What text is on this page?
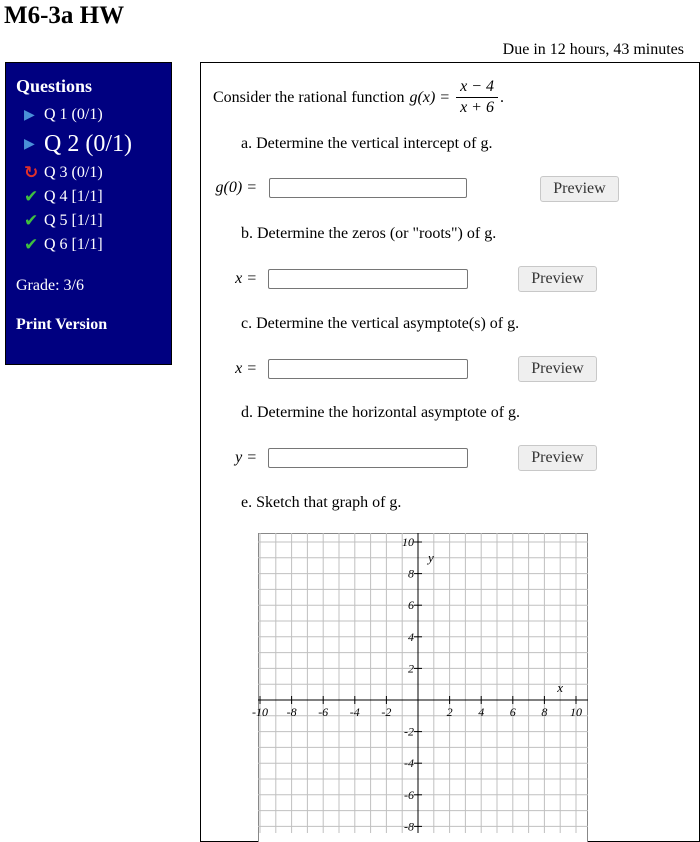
M6-3a HW
Due in 12 hours, 43 minutes
Questions
▶ Q 1 (0/1)
▶ Q 2 (0/1)
↻ Q 3 (0/1)
✔ Q 4 [1/1]
✔ Q 5 [1/1]
✔ Q 6 [1/1]
Grade: 3/6
Print Version
Consider the rational function $g(x) = \frac{x - 4}{x + 6}$ .
a. Determine the vertical intercept of g.
g(0) =	Preview
b. Determine the zeros (or "roots") of g.
x =	Preview
c. Determine the vertical asymptote(s) of g.
x =	Preview
d. Determine the horizontal asymptote of g.
y =	Preview
e. Sketch that graph of g.
-10 -8 -6 -4 -2	2 4 6 8 10
10
8
6
4
2
-2
-4
-6
-8
x
y
